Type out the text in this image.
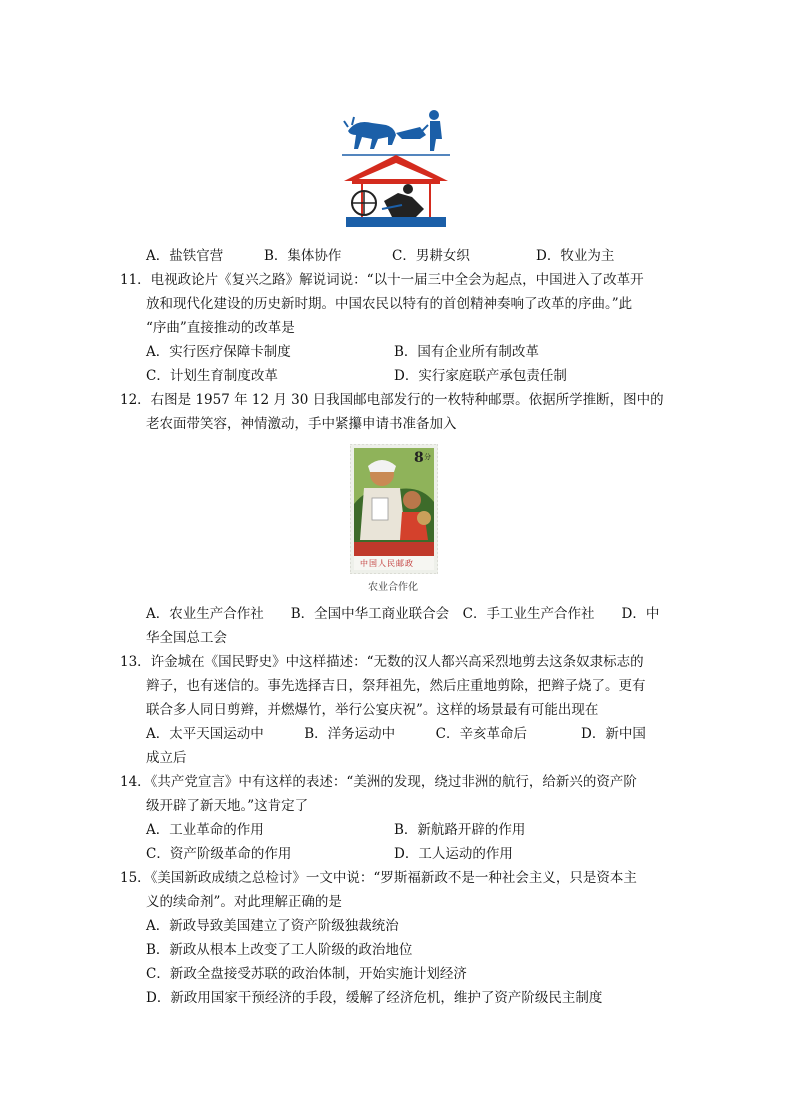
A．盐铁官营	B．集体协作	C．男耕女织	D．牧业为主
11．电视政论片《复兴之路》解说词说：“以十一届三中全会为起点，中国进入了改革开
放和现代化建设的历史新时期。中国农民以特有的首创精神奏响了改革的序曲。”此
“序曲”直接推动的改革是
A．实行医疗保障卡制度	B．国有企业所有制改革
C．计划生育制度改革	D．实行家庭联产承包责任制
12．右图是 1957 年 12 月 30 日我国邮电部发行的一枚特种邮票。依据所学推断，图中的
老农面带笑容，神情激动，手中紧攥申请书准备加入
8 分
中国人民邮政
农业合作化
A．农业生产合作社　　B．全国中华工商业联合会　C．手工业生产合作社　　D．中
华全国总工会
13．许金城在《国民野史》中这样描述：“无数的汉人都兴高采烈地剪去这条奴隶标志的
辫子，也有迷信的。事先选择吉日，祭拜祖先，然后庄重地剪除，把辫子烧了。更有
联合多人同日剪辫，并燃爆竹，举行公宴庆祝”。这样的场景最有可能出现在
A．太平天国运动中　　　B．洋务运动中　　　C．辛亥革命后　　　　D．新中国
成立后
14．《共产党宣言》中有这样的表述：“美洲的发现，绕过非洲的航行，给新兴的资产阶
级开辟了新天地。”这肯定了
A．工业革命的作用	B．新航路开辟的作用
C．资产阶级革命的作用	D．工人运动的作用
15．《美国新政成绩之总检讨》一文中说：“罗斯福新政不是一种社会主义，只是资本主
义的续命剂”。对此理解正确的是
A．新政导致美国建立了资产阶级独裁统治
B．新政从根本上改变了工人阶级的政治地位
C．新政全盘接受苏联的政治体制，开始实施计划经济
D．新政用国家干预经济的手段，缓解了经济危机，维护了资产阶级民主制度
